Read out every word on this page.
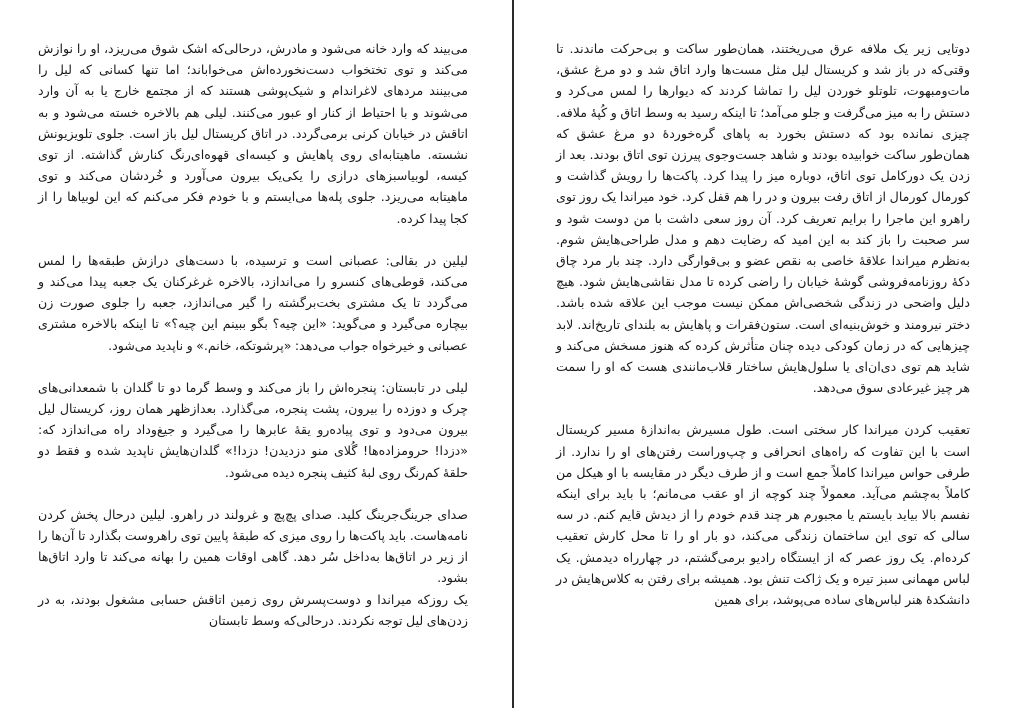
می‌بیند که وارد خانه می‌شود و مادرش، درحالی‌که اشک شوق می‌ریزد، او را نوازش می‌کند و توی تختخواب دست‌نخورده‌اش می‌خواباند؛ اما تنها کسانی که لیل را می‌بینند مردهای لاغراندام و شیک‌پوشی هستند که از مجتمع خارج یا به آن وارد می‌شوند و با احتیاط از کنار او عبور می‌کنند. لیلی هم بالاخره خسته می‌شود و به اتاقش در خیابان کرنی برمی‌گردد. در اتاق کریستال لیل باز است. جلوی تلویزیونش نشسته. ماهیتابه‌ای روی پاهایش و کیسه‌ای قهوه‌ای‌رنگ کنارش گذاشته. از توی کیسه، لوبیاسبزهای درازی را یکی‌یک بیرون می‌آورد و خُردشان می‌کند و توی ماهیتابه می‌ریزد. جلوی پله‌ها می‌ایستم و با خودم فکر می‌کنم که این لوبیاها را از کجا پیدا کرده.

لیلین در بقالی: عصبانی است و ترسیده، با دست‌های درازش طبقه‌ها را لمس می‌کند، قوطی‌های کنسرو را می‌اندازد، بالاخره غرغرکنان یک جعبه پیدا می‌کند و می‌گردد تا یک مشتری بخت‌برگشته را گیر می‌اندازد، جعبه را جلوی صورت زن بیچاره می‌گیرد و می‌گوید: «این چیه؟ بگو ببینم این چیه؟» تا اینکه بالاخره مشتری عصبانی و خیرخواه جواب می‌دهد: «پرشوتکه، خانم.» و ناپدید می‌شود.

لیلی در تابستان: پنجره‌اش را باز می‌کند و وسط گرما دو تا گلدان با شمعدانی‌های چرک و دوزده را بیرون، پشت پنجره، می‌گذارد. بعدازظهر همان روز، کریستال لیل بیرون می‌دود و توی پیاده‌رو یقهٔ عابرها را می‌گیرد و جیغ‌وداد راه می‌اندازد که: «دزدا! حرومزاده‌ها! گُلای منو دزدیدن! دزدا!» گلدان‌هایش ناپدید شده و فقط دو حلقهٔ کم‌رنگ روی لبهٔ کثیف پنجره دیده می‌شود.

صدای جرینگ‌جرینگ کلید. صدای پچ‌پچ و غرولند در راهرو. لیلین درحال پخش کردن نامه‌هاست. باید پاکت‌ها را روی میزی که طبقهٔ پایین توی راهروست بگذارد تا آن‌ها را از زیر در اتاق‌ها به‌داخل سُر دهد. گاهی اوقات همین را بهانه می‌کند تا وارد اتاق‌ها بشود.

یک روزکه میراندا و دوست‌پسرش روی زمین اتاقش حسابی مشغول بودند، به در زدن‌های لیل توجه نکردند. درحالی‌که وسط تابستان

دوتایی زیر یک ملافه عرق می‌ریختند، همان‌طور ساکت و بی‌حرکت ماندند. تا وقتی‌که در باز شد و کریستال لیل مثل مست‌ها وارد اتاق شد و دو مرغ عشق، مات‌ومبهوت، تلوتلو خوردن لیل را تماشا کردند که دیوارها را لمس می‌کرد و دستش را به میز می‌گرفت و جلو می‌آمد؛ تا اینکه رسید به وسط اتاق و کُپهٔ ملافه. چیزی نمانده بود که دستش بخورد به پاهای گره‌خوردهٔ دو مرغ عشق که همان‌طور ساکت خوابیده بودند و شاهد جست‌وجوی پیرزن توی اتاق بودند. بعد از زدن یک دورکامل توی اتاق، دوباره میز را پیدا کرد. پاکت‌ها را رویش گذاشت و کورمال کورمال از اتاق رفت بیرون و در را هم قفل کرد. خود میراندا یک روز توی راهرو این ماجرا را برایم تعریف کرد. آن روز سعی داشت با من دوست شود و سر صحبت را باز کند به این امید که رضایت دهم و مدل طراحی‌هایش شوم. به‌نظرم میراندا علاقهٔ خاصی به نقص عضو و بی‌قوارگی دارد. چند بار مرد چاق دکهٔ روزنامه‌فروشی گوشهٔ خیابان را راضی کرده تا مدل نقاشی‌هایش شود. هیچ دلیل واضحی در زندگی شخصی‌اش ممکن نیست موجب این علاقه شده باشد. دختر نیرومند و خوش‌بنیه‌ای است. ستون‌فقرات و پاهایش به بلندای تاریخ‌اند. لابد چیزهایی که در زمان کودکی دیده چنان متأثرش کرده که هنوز مسخش می‌کند و شاید هم توی دی‌ان‌ای یا سلول‌هایش ساختار قلاب‌مانندی هست که او را سمت هر چیز غیرعادی سوق می‌دهد.

تعقیب کردن میراندا کار سختی است. طول مسیرش به‌اندازهٔ مسیر کریستال است با این تفاوت که راه‌های انحرافی و چپ‌وراست رفتن‌های او را ندارد. از طرفی حواس میراندا کاملاً جمع است و از طرف دیگر در مقایسه با او هیکل من کاملاً به‌چشم می‌آید. معمولاً چند کوچه از او عقب می‌مانم؛ با باید برای اینکه نفسم بالا بیاید بایستم یا مجبورم هر چند قدم خودم را از دیدش قایم کنم. در سه سالی که توی این ساختمان زندگی می‌کند، دو بار او را تا محل کارش تعقیب کرده‌ام. یک روز عصر که از ایستگاه رادیو برمی‌گشتم، در چهارراه دیدمش. یک لباس مهمانی سبز تیره و یک ژاکت تنش بود. همیشه برای رفتن به کلاس‌هایش در دانشکدهٔ هنر لباس‌های ساده می‌پوشد، برای همین
